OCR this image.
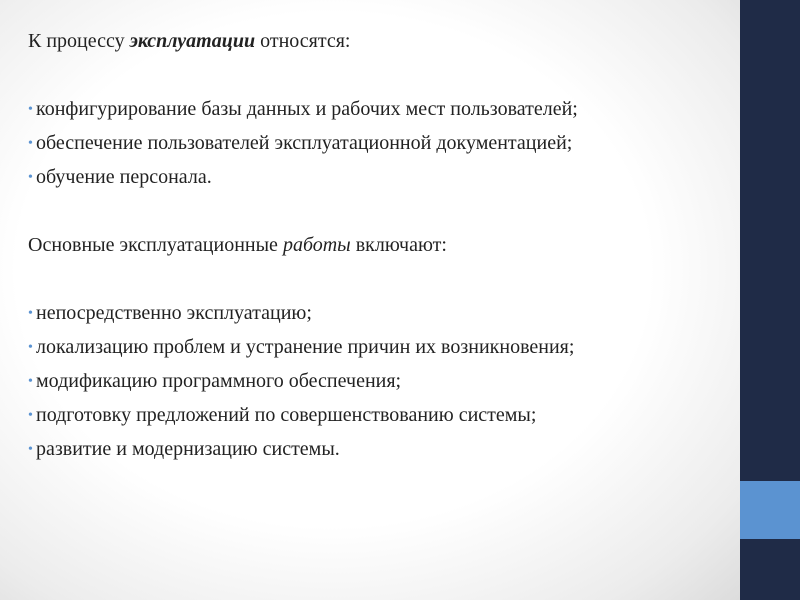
К процессу эксплуатации относятся:
• конфигурирование базы данных и рабочих мест пользователей;
• обеспечение пользователей эксплуатационной документацией;
• обучение персонала.
Основные эксплуатационные работы включают:
• непосредственно эксплуатацию;
• локализацию проблем и устранение причин их возникновения;
• модификацию программного обеспечения;
• подготовку предложений по совершенствованию системы;
• развитие и модернизацию системы.
